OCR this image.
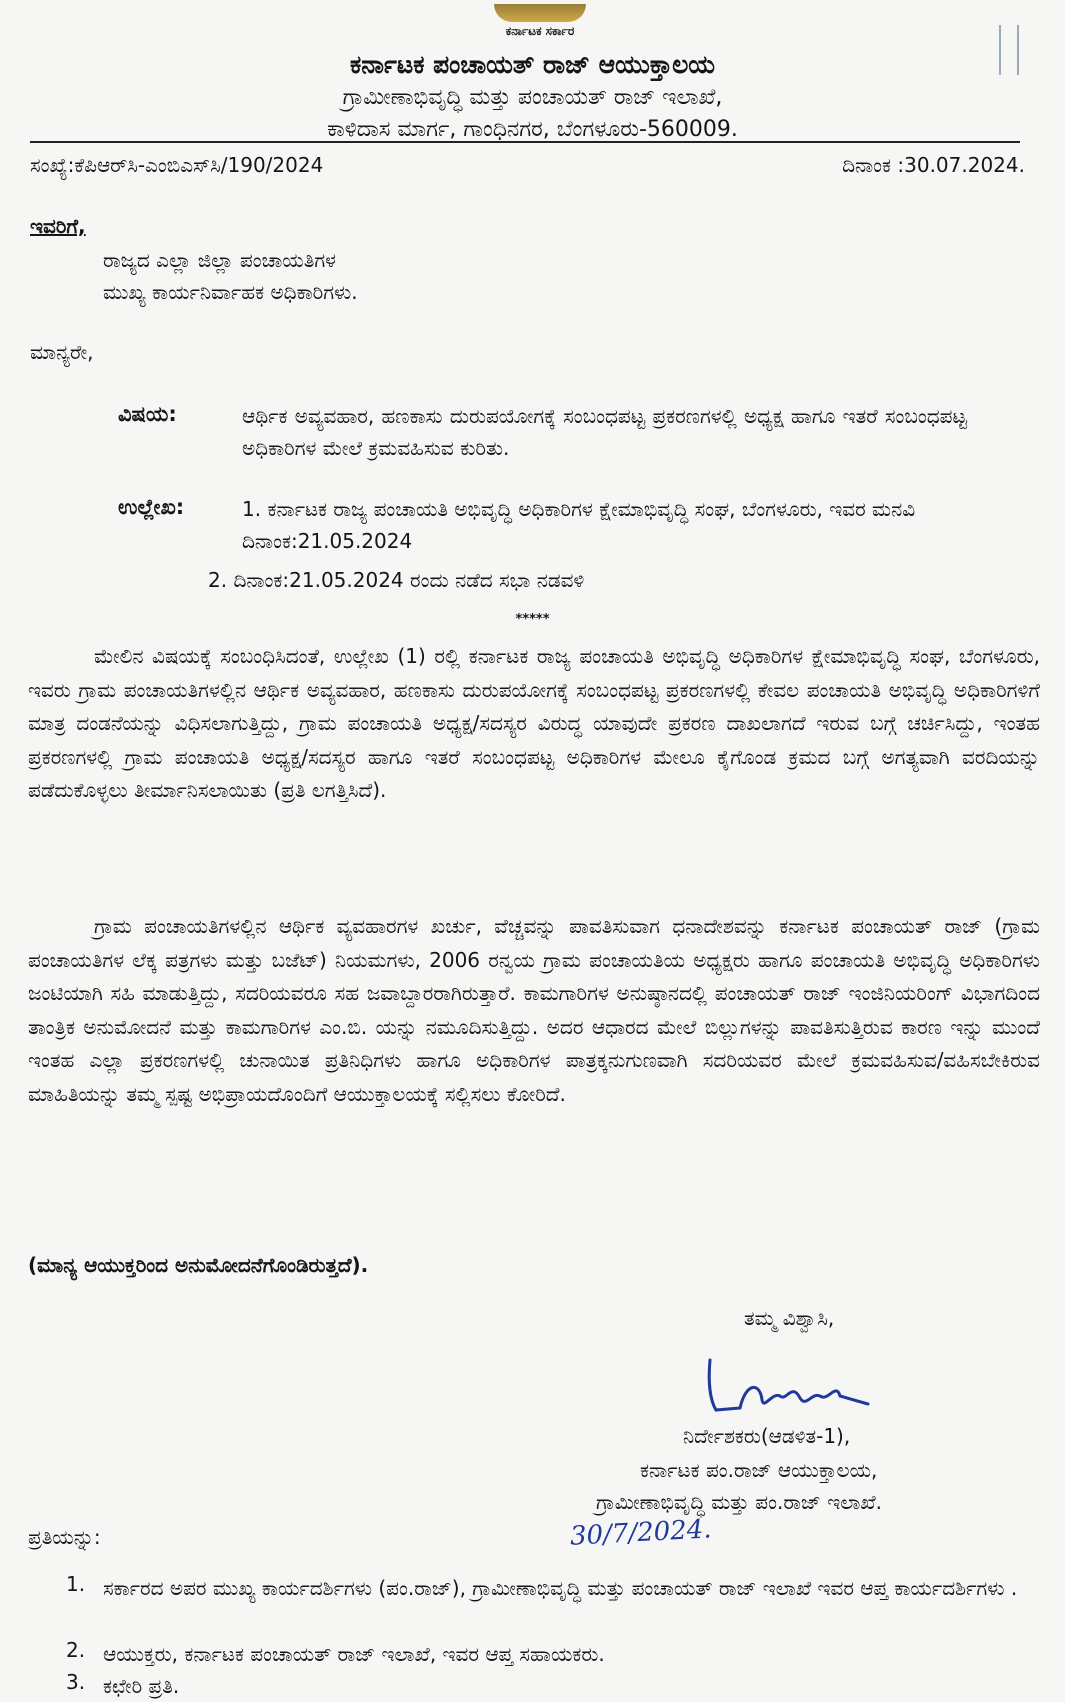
ಕರ್ನಾಟಕ ಸರ್ಕಾರ
ಕರ್ನಾಟಕ ಪಂಚಾಯತ್ ರಾಜ್ ಆಯುಕ್ತಾಲಯ
ಗ್ರಾಮೀಣಾಭಿವೃದ್ಧಿ ಮತ್ತು ಪಂಚಾಯತ್ ರಾಜ್ ಇಲಾಖೆ,
ಕಾಳಿದಾಸ ಮಾರ್ಗ, ಗಾಂಧಿನಗರ, ಬೆಂಗಳೂರು-560009.
ಸಂಖ್ಯೆ:ಕೆಪಿಆರ್‌ಸಿ-ಎಂಬಿಎಸ್‌ಸಿ/190/2024	ದಿನಾಂಕ :30.07.2024.
ಇವರಿಗೆ,
ರಾಜ್ಯದ ಎಲ್ಲಾ ಜಿಲ್ಲಾ ಪಂಚಾಯತಿಗಳ
ಮುಖ್ಯ ಕಾರ್ಯನಿರ್ವಾಹಕ ಅಧಿಕಾರಿಗಳು.
ಮಾನ್ಯರೇ,
ವಿಷಯ:	ಆರ್ಥಿಕ ಅವ್ಯವಹಾರ, ಹಣಕಾಸು ದುರುಪಯೋಗಕ್ಕೆ ಸಂಬಂಧಪಟ್ಟ ಪ್ರಕರಣಗಳಲ್ಲಿ ಅಧ್ಯಕ್ಷ ಹಾಗೂ ಇತರೆ ಸಂಬಂಧಪಟ್ಟ ಅಧಿಕಾರಿಗಳ ಮೇಲೆ ಕ್ರಮವಹಿಸುವ ಕುರಿತು.
ಉಲ್ಲೇಖ:	1. ಕರ್ನಾಟಕ ರಾಜ್ಯ ಪಂಚಾಯತಿ ಅಭಿವೃದ್ಧಿ ಅಧಿಕಾರಿಗಳ ಕ್ಷೇಮಾಭಿವೃದ್ಧಿ ಸಂಘ, ಬೆಂಗಳೂರು, ಇವರ ಮನವಿ ದಿನಾಂಕ:21.05.2024
2. ದಿನಾಂಕ:21.05.2024 ರಂದು ನಡೆದ ಸಭಾ ನಡವಳಿ
*****
ಮೇಲಿನ ವಿಷಯಕ್ಕೆ ಸಂಬಂಧಿಸಿದಂತೆ, ಉಲ್ಲೇಖ (1) ರಲ್ಲಿ ಕರ್ನಾಟಕ ರಾಜ್ಯ ಪಂಚಾಯತಿ ಅಭಿವೃದ್ಧಿ ಅಧಿಕಾರಿಗಳ ಕ್ಷೇಮಾಭಿವೃದ್ಧಿ ಸಂಘ, ಬೆಂಗಳೂರು, ಇವರು ಗ್ರಾಮ ಪಂಚಾಯತಿಗಳಲ್ಲಿನ ಆರ್ಥಿಕ ಅವ್ಯವಹಾರ, ಹಣಕಾಸು ದುರುಪಯೋಗಕ್ಕೆ ಸಂಬಂಧಪಟ್ಟ ಪ್ರಕರಣಗಳಲ್ಲಿ ಕೇವಲ ಪಂಚಾಯತಿ ಅಭಿವೃದ್ಧಿ ಅಧಿಕಾರಿಗಳಿಗೆ ಮಾತ್ರ ದಂಡನೆಯನ್ನು ವಿಧಿಸಲಾಗುತ್ತಿದ್ದು, ಗ್ರಾಮ ಪಂಚಾಯತಿ ಅಧ್ಯಕ್ಷ/ಸದಸ್ಯರ ವಿರುದ್ಧ ಯಾವುದೇ ಪ್ರಕರಣ ದಾಖಲಾಗದೆ ಇರುವ ಬಗ್ಗೆ ಚರ್ಚಿಸಿದ್ದು, ಇಂತಹ ಪ್ರಕರಣಗಳಲ್ಲಿ ಗ್ರಾಮ ಪಂಚಾಯತಿ ಅಧ್ಯಕ್ಷ/ಸದಸ್ಯರ ಹಾಗೂ ಇತರೆ ಸಂಬಂಧಪಟ್ಟ ಅಧಿಕಾರಿಗಳ ಮೇಲೂ ಕೈಗೊಂಡ ಕ್ರಮದ ಬಗ್ಗೆ ಅಗತ್ಯವಾಗಿ ವರದಿಯನ್ನು ಪಡೆದುಕೊಳ್ಳಲು ತೀರ್ಮಾನಿಸಲಾಯಿತು (ಪ್ರತಿ ಲಗತ್ತಿಸಿದೆ).
ಗ್ರಾಮ ಪಂಚಾಯತಿಗಳಲ್ಲಿನ ಆರ್ಥಿಕ ವ್ಯವಹಾರಗಳ ಖರ್ಚು, ವೆಚ್ಚವನ್ನು ಪಾವತಿಸುವಾಗ ಧನಾದೇಶವನ್ನು ಕರ್ನಾಟಕ ಪಂಚಾಯತ್ ರಾಜ್ (ಗ್ರಾಮ ಪಂಚಾಯತಿಗಳ ಲೆಕ್ಕ ಪತ್ರಗಳು ಮತ್ತು ಬಜೆಟ್) ನಿಯಮಗಳು, 2006 ರನ್ವಯ ಗ್ರಾಮ ಪಂಚಾಯತಿಯ ಅಧ್ಯಕ್ಷರು ಹಾಗೂ ಪಂಚಾಯತಿ ಅಭಿವೃದ್ಧಿ ಅಧಿಕಾರಿಗಳು ಜಂಟಿಯಾಗಿ ಸಹಿ ಮಾಡುತ್ತಿದ್ದು, ಸದರಿಯವರೂ ಸಹ ಜವಾಬ್ದಾರರಾಗಿರುತ್ತಾರೆ. ಕಾಮಗಾರಿಗಳ ಅನುಷ್ಠಾನದಲ್ಲಿ ಪಂಚಾಯತ್ ರಾಜ್ ಇಂಜಿನಿಯರಿಂಗ್ ವಿಭಾಗದಿಂದ ತಾಂತ್ರಿಕ ಅನುಮೋದನೆ ಮತ್ತು ಕಾಮಗಾರಿಗಳ ಎಂ.ಬಿ. ಯನ್ನು ನಮೂದಿಸುತ್ತಿದ್ದು. ಅದರ ಆಧಾರದ ಮೇಲೆ ಬಿಲ್ಲುಗಳನ್ನು ಪಾವತಿಸುತ್ತಿರುವ ಕಾರಣ ಇನ್ನು ಮುಂದೆ ಇಂತಹ ಎಲ್ಲಾ ಪ್ರಕರಣಗಳಲ್ಲಿ ಚುನಾಯಿತ ಪ್ರತಿನಿಧಿಗಳು ಹಾಗೂ ಅಧಿಕಾರಿಗಳ ಪಾತ್ರಕ್ಕನುಗುಣವಾಗಿ ಸದರಿಯವರ ಮೇಲೆ ಕ್ರಮವಹಿಸುವ/ವಹಿಸಬೇಕಿರುವ ಮಾಹಿತಿಯನ್ನು ತಮ್ಮ ಸ್ಪಷ್ಟ ಅಭಿಪ್ರಾಯದೊಂದಿಗೆ ಆಯುಕ್ತಾಲಯಕ್ಕೆ ಸಲ್ಲಿಸಲು ಕೋರಿದೆ.
(ಮಾನ್ಯ ಆಯುಕ್ತರಿಂದ ಅನುಮೋದನೆಗೊಂಡಿರುತ್ತದೆ).
ತಮ್ಮ ವಿಶ್ವಾಸಿ,
ನಿರ್ದೇಶಕರು(ಆಡಳಿತ-1),
ಕರ್ನಾಟಕ ಪಂ.ರಾಜ್ ಆಯುಕ್ತಾಲಯ,
ಗ್ರಾಮೀಣಾಭಿವೃದ್ಧಿ ಮತ್ತು ಪಂ.ರಾಜ್ ಇಲಾಖೆ.
30/7/2024.
ಪ್ರತಿಯನ್ನು:
1. ಸರ್ಕಾರದ ಅಪರ ಮುಖ್ಯ ಕಾರ್ಯದರ್ಶಿಗಳು (ಪಂ.ರಾಜ್), ಗ್ರಾಮೀಣಾಭಿವೃದ್ಧಿ ಮತ್ತು ಪಂಚಾಯತ್ ರಾಜ್ ಇಲಾಖೆ ಇವರ ಆಪ್ತ ಕಾರ್ಯದರ್ಶಿಗಳು .
2. ಆಯುಕ್ತರು, ಕರ್ನಾಟಕ ಪಂಚಾಯತ್ ರಾಜ್ ಇಲಾಖೆ, ಇವರ ಆಪ್ತ ಸಹಾಯಕರು.
3. ಕಛೇರಿ ಪ್ರತಿ.
